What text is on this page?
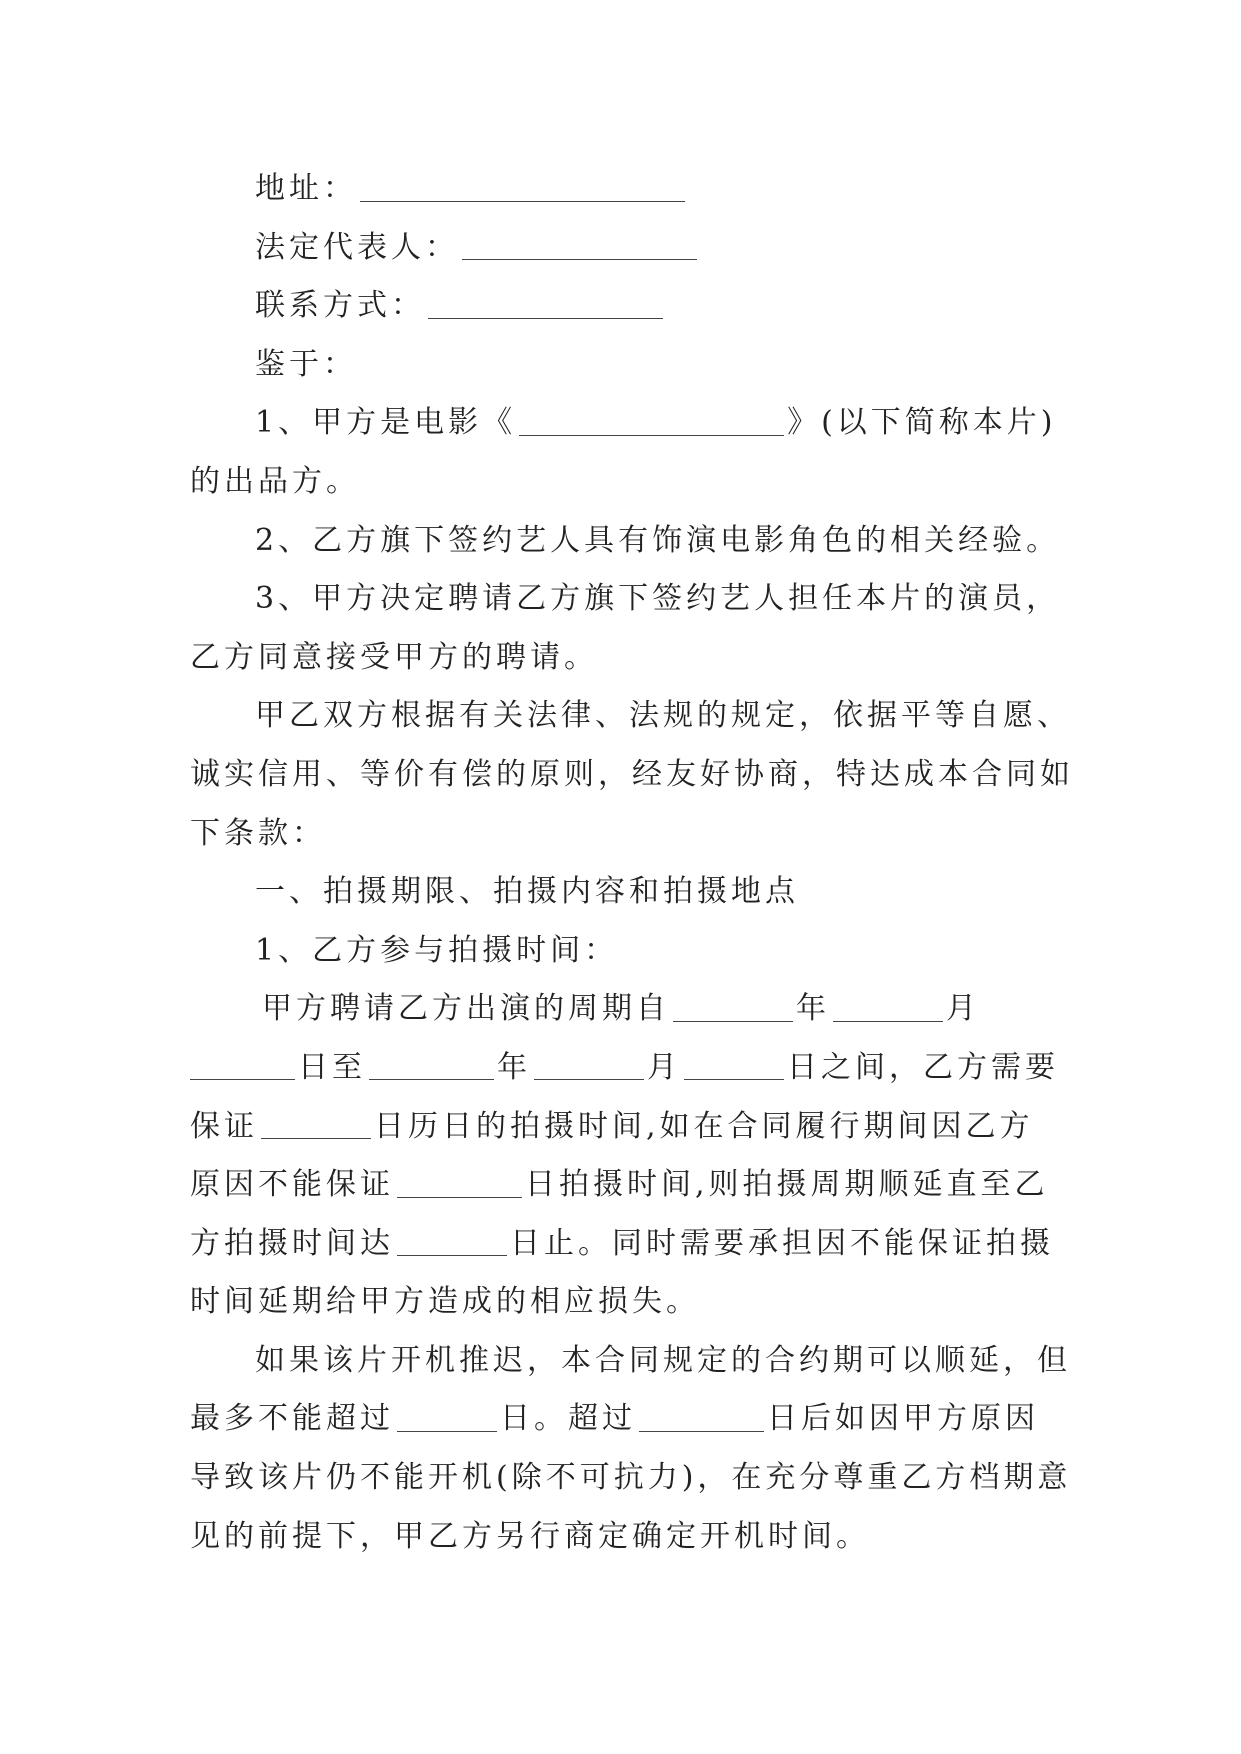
地址：
法定代表人：
联系方式：
鉴于：
1、甲方是电影《	》(以下简称本片)
的出品方。
2、乙方旗下签约艺人具有饰演电影角色的相关经验。
3、甲方决定聘请乙方旗下签约艺人担任本片的演员，
乙方同意接受甲方的聘请。
甲乙双方根据有关法律、法规的规定，依据平等自愿、
诚实信用、等价有偿的原则，经友好协商，特达成本合同如
下条款：
一、拍摄期限、拍摄内容和拍摄地点
1、乙方参与拍摄时间：
甲方聘请乙方出演的周期自	年	月
日至	年	月	日之间，乙方需要
保证	日历日的拍摄时间,如在合同履行期间因乙方
原因不能保证	日拍摄时间,则拍摄周期顺延直至乙
方拍摄时间达	日止。同时需要承担因不能保证拍摄
时间延期给甲方造成的相应损失。
如果该片开机推迟，本合同规定的合约期可以顺延，但
最多不能超过	日。超过	日后如因甲方原因
导致该片仍不能开机(除不可抗力)，在充分尊重乙方档期意
见的前提下，甲乙方另行商定确定开机时间。
